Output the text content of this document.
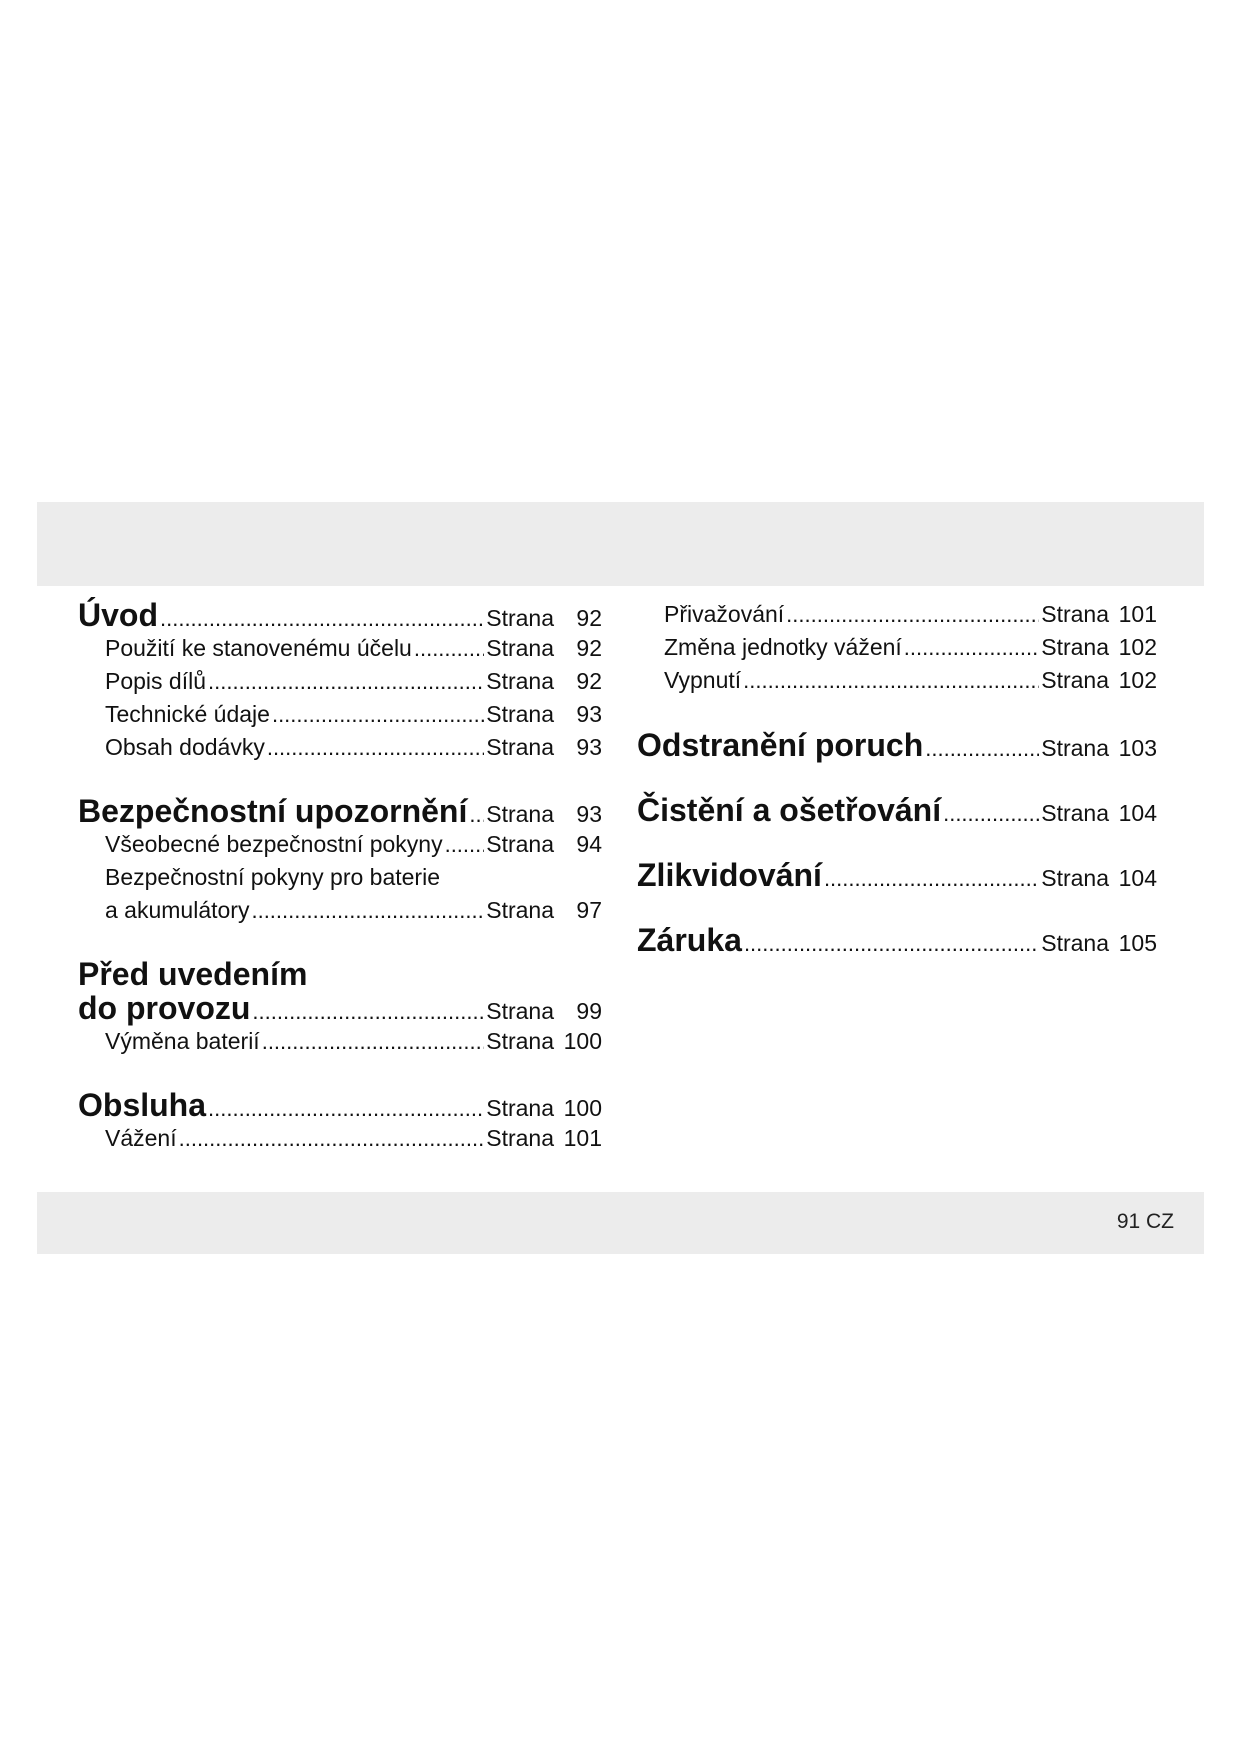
Úvod .....	Strana 92
Použití ke stanovenému účelu .....	Strana 92
Popis dílů .....	Strana 92
Technické údaje .....	Strana 93
Obsah dodávky .....	Strana 93
Bezpečnostní upozornění ..... Strana 93
Všeobecné bezpečnostní pokyny ..... Strana 94
Bezpečnostní pokyny pro baterie
a akumulátory .....	Strana 97
Před uvedením
do provozu .....	Strana 99
Výměna baterií .....	Strana 100
Obsluha .....	Strana 100
Vážení .....	Strana 101
Přivažování .....	Strana 101
Změna jednotky vážení .....	Strana 102
Vypnutí .....	Strana 102
Odstranění poruch .....	Strana 103
Čistění a ošetřování .....	Strana 104
Zlikvidování .....	Strana 104
Záruka .....	Strana 105
91 CZ
